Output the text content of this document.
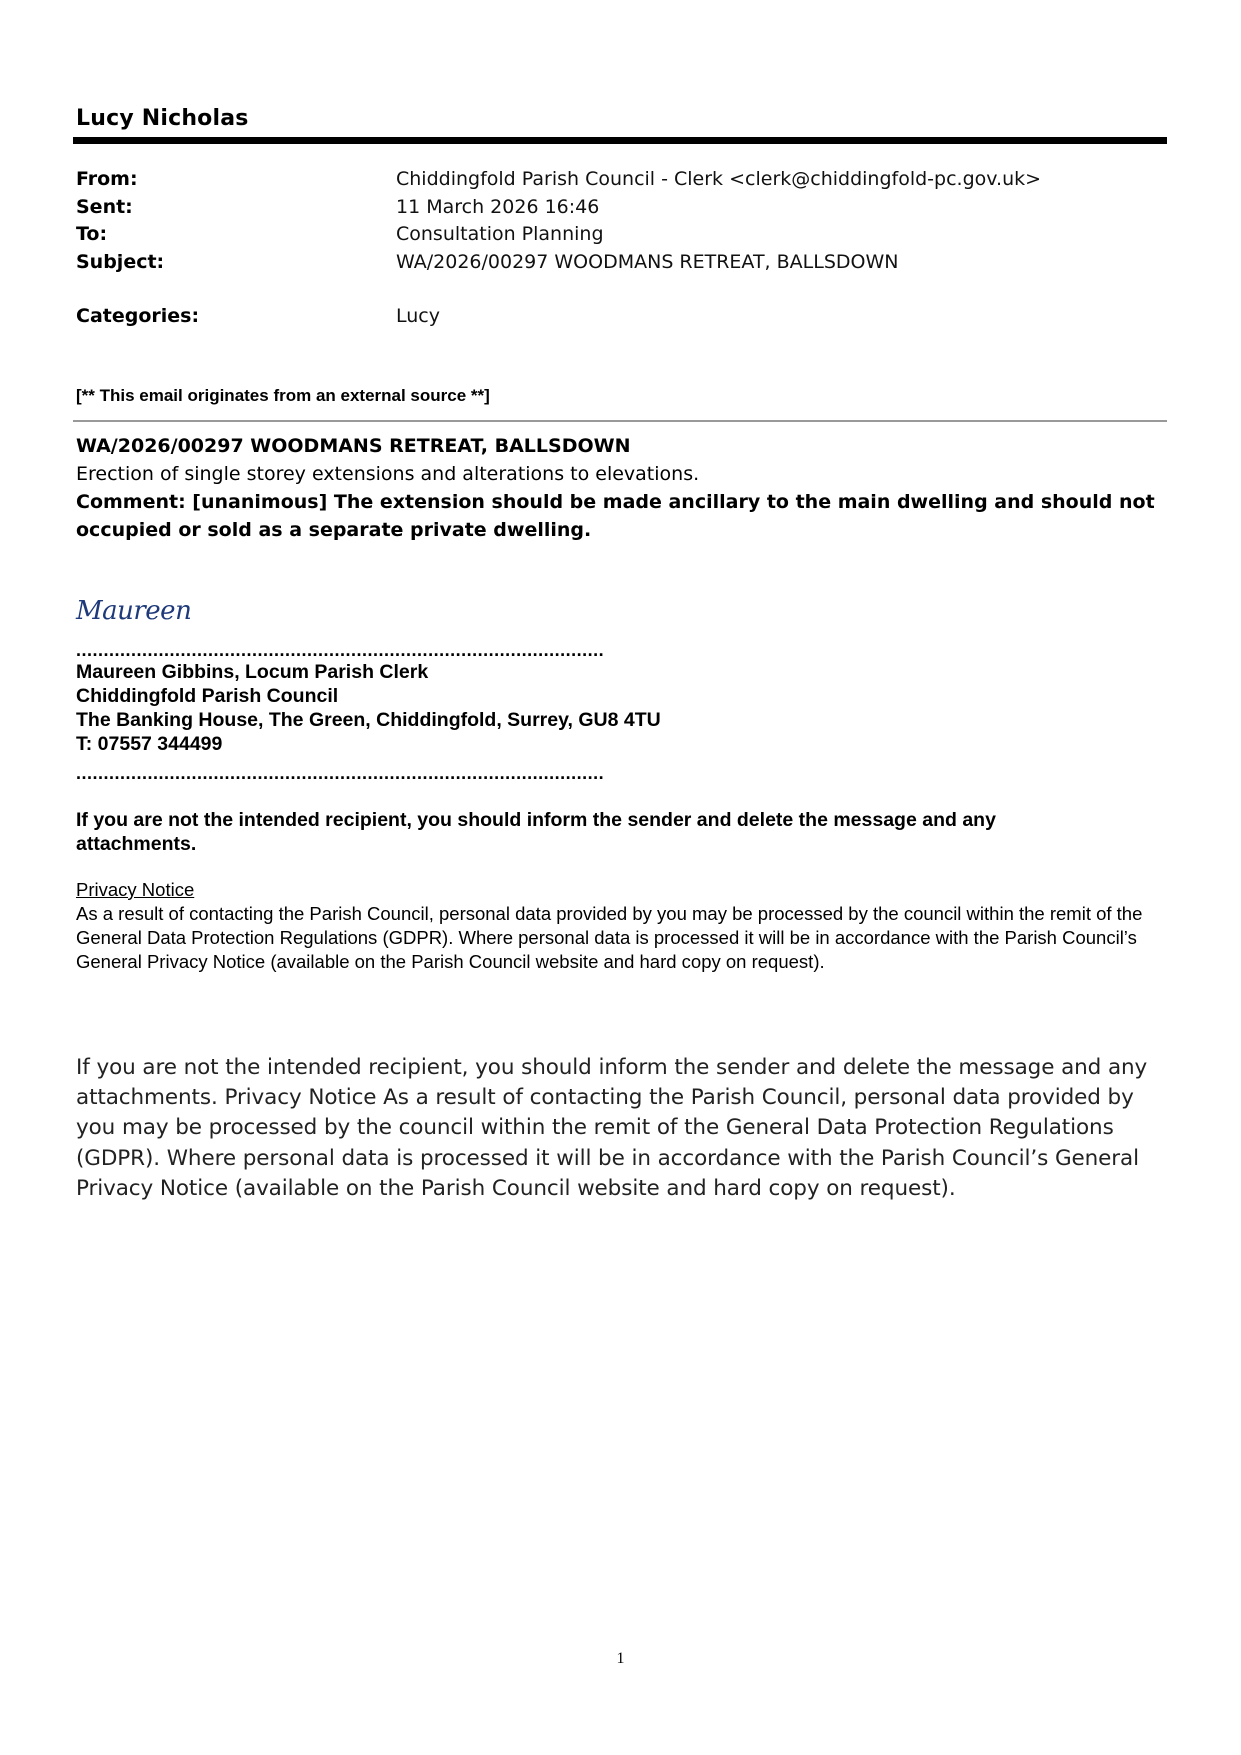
Lucy Nicholas
From:	Chiddingfold Parish Council - Clerk <clerk@chiddingfold-pc.gov.uk>
Sent:	11 March 2026 16:46
To:	Consultation Planning
Subject:	WA/2026/00297 WOODMANS RETREAT, BALLSDOWN
Categories:	Lucy
[** This email originates from an external source **]
WA/2026/00297 WOODMANS RETREAT, BALLSDOWN
Erection of single storey extensions and alterations to elevations.
Comment: [unanimous] The extension should be made ancillary to the main dwelling and should not occupied or sold as a separate private dwelling.
Maureen
................................................................................................
Maureen Gibbins, Locum Parish Clerk
Chiddingfold Parish Council
The Banking House, The Green, Chiddingfold, Surrey, GU8 4TU
T: 07557 344499
................................................................................................
If you are not the intended recipient, you should inform the sender and delete the message and any attachments.
Privacy Notice
As a result of contacting the Parish Council, personal data provided by you may be processed by the council within the remit of the General Data Protection Regulations (GDPR). Where personal data is processed it will be in accordance with the Parish Council’s General Privacy Notice (available on the Parish Council website and hard copy on request).
If you are not the intended recipient, you should inform the sender and delete the message and any attachments. Privacy Notice As a result of contacting the Parish Council, personal data provided by you may be processed by the council within the remit of the General Data Protection Regulations (GDPR). Where personal data is processed it will be in accordance with the Parish Council’s General Privacy Notice (available on the Parish Council website and hard copy on request).
1
